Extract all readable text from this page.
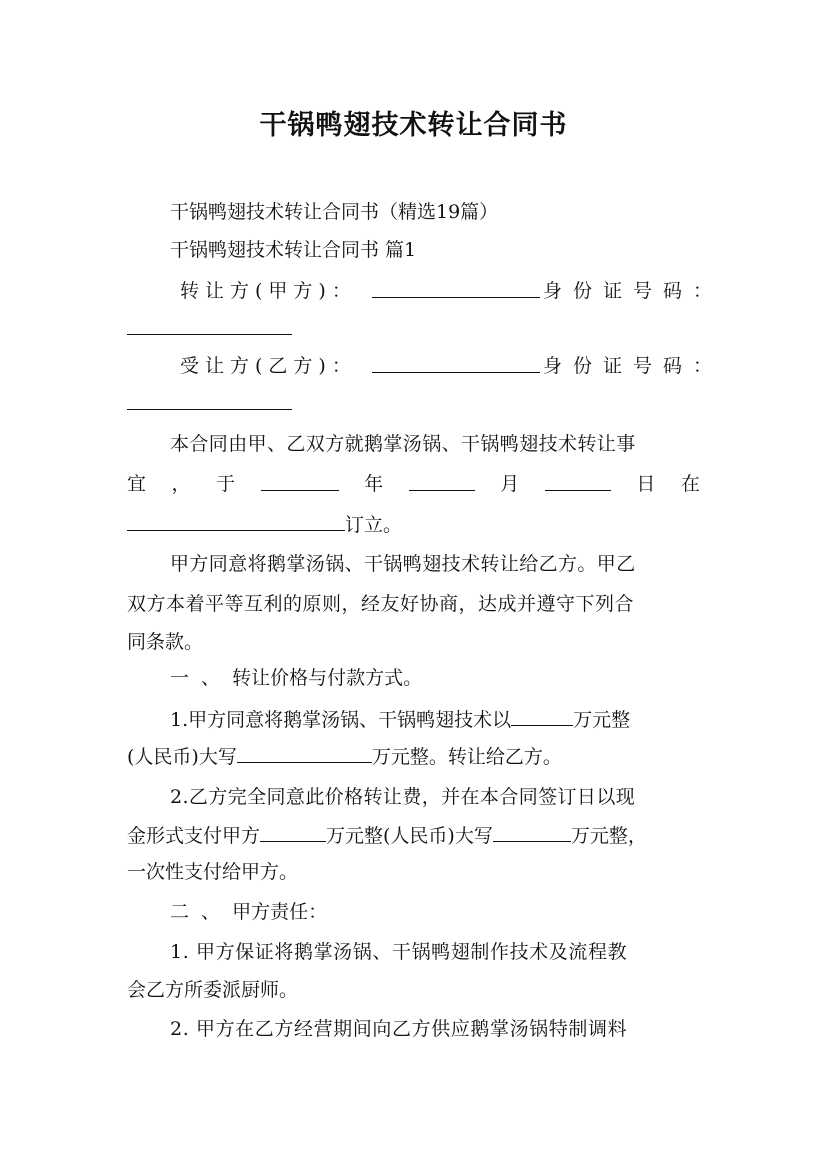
干锅鸭翅技术转让合同书
干锅鸭翅技术转让合同书（精选19篇）
干锅鸭翅技术转让合同书 篇1
转让方(甲方)：	身份证号码：
受让方(乙方)：	身份证号码：
本合同由甲、乙双方就鹅掌汤锅、干锅鸭翅技术转让事
宜 ， 于	年	月	日 在
订立。
甲方同意将鹅掌汤锅、干锅鸭翅技术转让给乙方。甲乙
双方本着平等互利的原则，经友好协商，达成并遵守下列合
同条款。
一 、 转让价格与付款方式。
1.甲方同意将鹅掌汤锅、干锅鸭翅技术以	万元整
(人民币)大写	万元整。转让给乙方。
2.乙方完全同意此价格转让费，并在本合同签订日以现
金形式支付甲方	万元整(人民币)大写	万元整，
一次性支付给甲方。
二 、 甲方责任：
1. 甲方保证将鹅掌汤锅、干锅鸭翅制作技术及流程教
会乙方所委派厨师。
2. 甲方在乙方经营期间向乙方供应鹅掌汤锅特制调料
